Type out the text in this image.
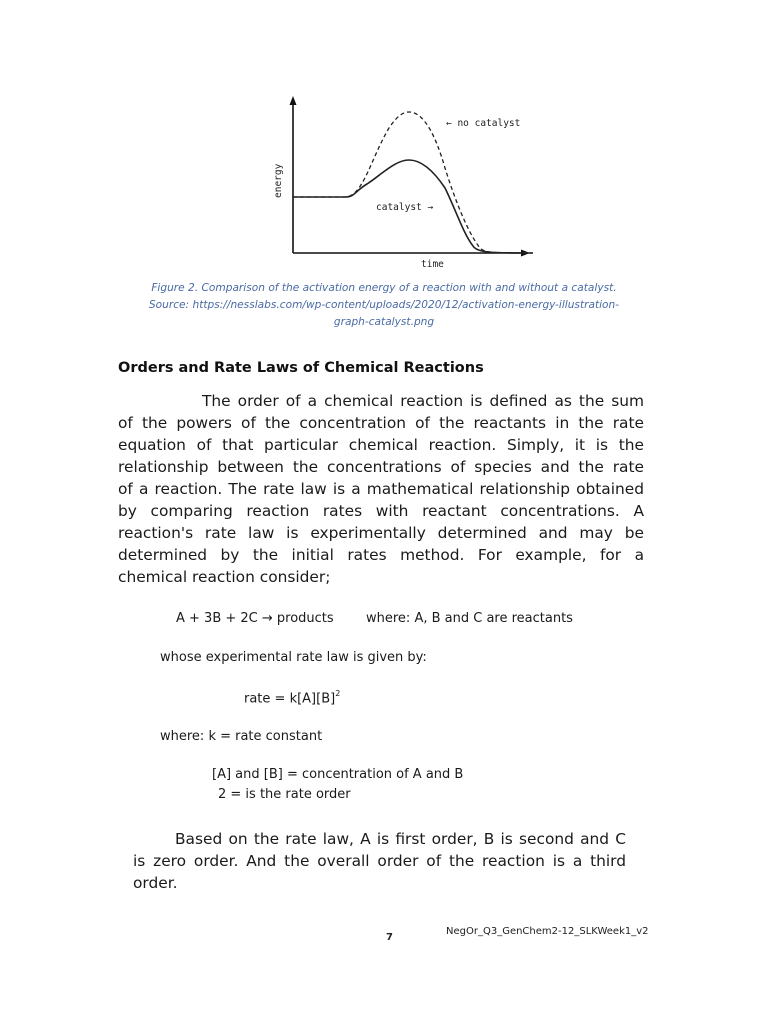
energy
time
← no catalyst
catalyst →
Figure 2. Comparison of the activation energy of a reaction with and without a catalyst.
Source: https://nesslabs.com/wp-content/uploads/2020/12/activation-energy-illustration-
graph-catalyst.png
Orders and Rate Laws of Chemical Reactions
The order of a chemical reaction is defined as the sum
of the powers of the concentration of the reactants in the rate
equation of that particular chemical reaction. Simply, it is the
relationship between the concentrations of species and the rate
of a reaction. The rate law is a mathematical relationship obtained
by comparing reaction rates with reactant concentrations. A
reaction's rate law is experimentally determined and may be
determined by the initial rates method. For example, for a
chemical reaction consider;
A + 3B + 2C → products where: A, B and C are reactants
whose experimental rate law is given by:
rate = $k[A][B]^2$
where: k = rate constant
[A] and [B] = concentration of A and B
2 = is the rate order
Based on the rate law, A is first order, B is second and C
is zero order. And the overall order of the reaction is a third
order.
7
NegOr_Q3_GenChem2-12_SLKWeek1_v2
